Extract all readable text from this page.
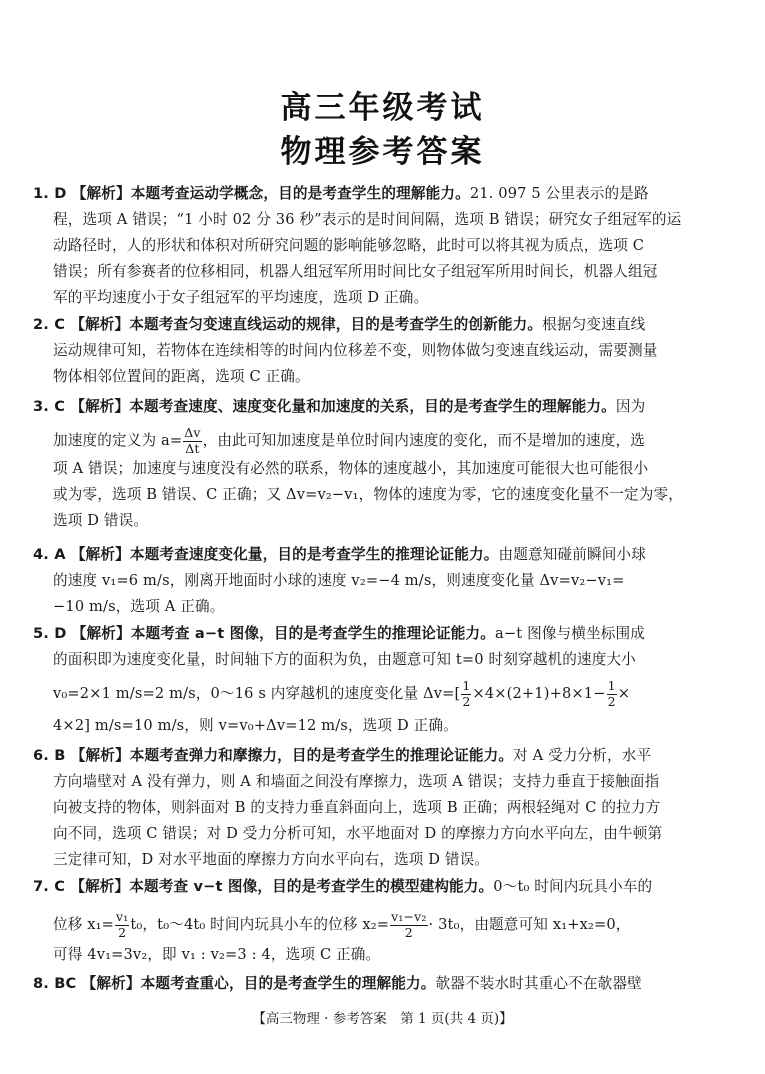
高三年级考试
物理参考答案
1. D 【解析】本题考查运动学概念，目的是考查学生的理解能力。21. 097 5 公里表示的是路
程，选项 A 错误；“1 小时 02 分 36 秒”表示的是时间间隔，选项 B 错误；研究女子组冠军的运
动路径时，人的形状和体积对所研究问题的影响能够忽略，此时可以将其视为质点，选项 C
错误；所有参赛者的位移相同，机器人组冠军所用时间比女子组冠军所用时间长，机器人组冠
军的平均速度小于女子组冠军的平均速度，选项 D 正确。
2. C 【解析】本题考查匀变速直线运动的规律，目的是考查学生的创新能力。根据匀变速直线
运动规律可知，若物体在连续相等的时间内位移差不变，则物体做匀变速直线运动，需要测量
物体相邻位置间的距离，选项 C 正确。
3. C 【解析】本题考查速度、速度变化量和加速度的关系，目的是考查学生的理解能力。因为
加速度的定义为 $a= \frac{\Delta v}{\Delta t}$ ，由此可知加速度是单位时间内速度的变化，而不是增加的速度，选
项 A 错误；加速度与速度没有必然的联系，物体的速度越小，其加速度可能很大也可能很小
或为零，选项 B 错误、C 正确；又 Δv=v₂−v₁，物体的速度为零，它的速度变化量不一定为零，
选项 D 错误。
4. A 【解析】本题考查速度变化量，目的是考查学生的推理论证能力。由题意知碰前瞬间小球
的速度 v₁=6 m/s，刚离开地面时小球的速度 v₂=−4 m/s，则速度变化量 Δv=v₂−v₁=
−10 m/s，选项 A 正确。
5. D 【解析】本题考查 a−t 图像，目的是考查学生的推理论证能力。a−t 图像与横坐标围成
的面积即为速度变化量，时间轴下方的面积为负，由题意可知 t=0 时刻穿越机的速度大小
v₀=2×1 m/s=2 m/s，0～16 s 内穿越机的速度变化量 $\Delta v=[ \frac{1}{2} \times 4\times(2+1)+8\times 1- \frac{1}{2}$ ×
4×2] m/s=10 m/s，则 v=v₀+Δv=12 m/s，选项 D 正确。
6. B 【解析】本题考查弹力和摩擦力，目的是考查学生的推理论证能力。对 A 受力分析，水平
方向墙壁对 A 没有弹力，则 A 和墙面之间没有摩擦力，选项 A 错误；支持力垂直于接触面指
向被支持的物体，则斜面对 B 的支持力垂直斜面向上，选项 B 正确；两根轻绳对 C 的拉力方
向不同，选项 C 错误；对 D 受力分析可知，水平地面对 D 的摩擦力方向水平向左，由牛顿第
三定律可知，D 对水平地面的摩擦力方向水平向右，选项 D 错误。
7. C 【解析】本题考查 v−t 图像，目的是考查学生的模型建构能力。0～t₀ 时间内玩具小车的
位移 $x_1= \frac{\text{v₁}}{2} t_0$，t₀～4t₀ 时间内玩具小车的位移 $x_2= \frac{\text{v₁−v₂}}{2} \cdot 3t_0$，由题意可知 x₁+x₂=0，
可得 4v₁=3v₂，即 v₁ : v₂=3 : 4，选项 C 正确。
8. BC 【解析】本题考查重心，目的是考查学生的理解能力。欹器不装水时其重心不在欹器壁
【高三物理 · 参考答案　第 1 页(共 4 页)】
